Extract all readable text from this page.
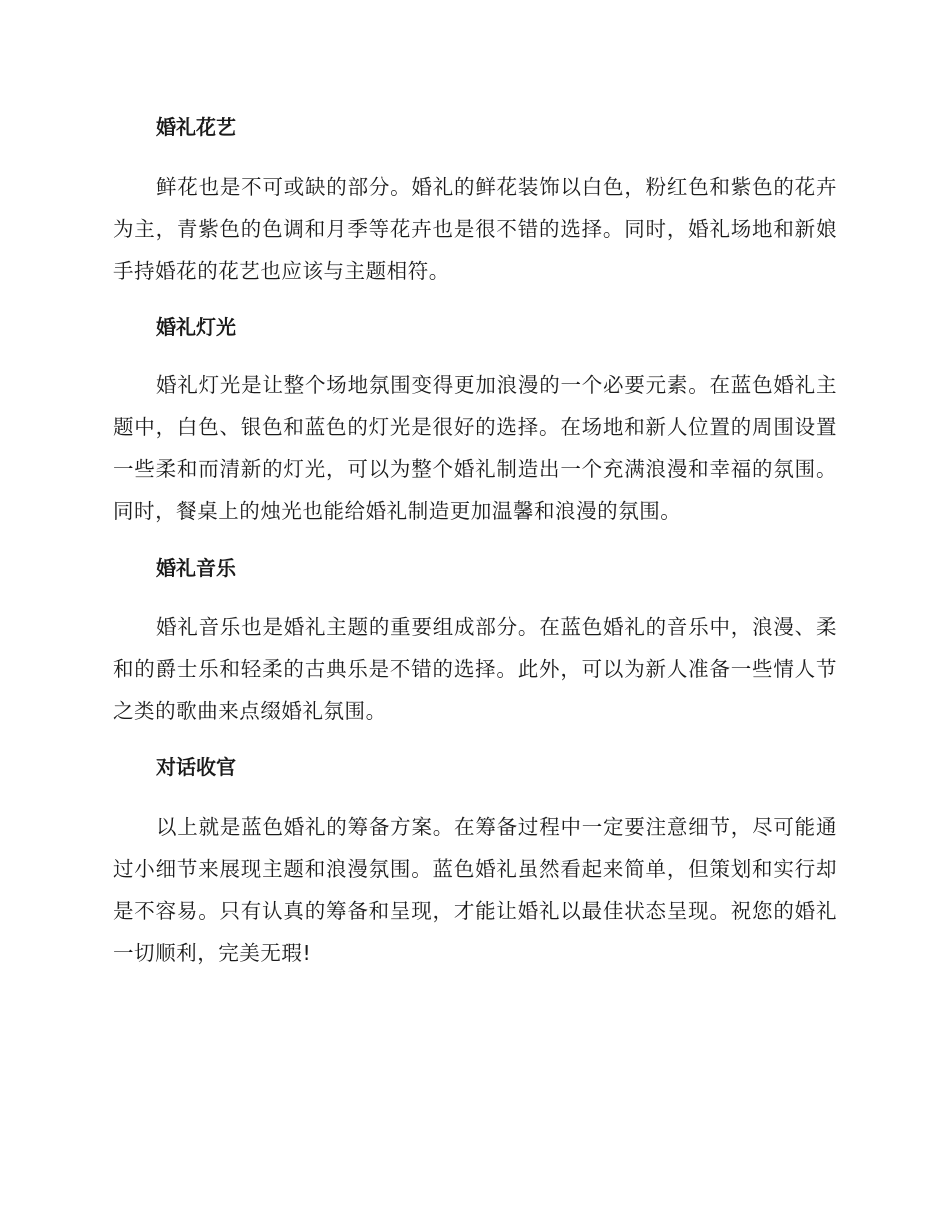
婚礼花艺

鲜花也是不可或缺的部分。婚礼的鲜花装饰以白色，粉红色和紫色的花卉为主，青紫色的色调和月季等花卉也是很不错的选择。同时，婚礼场地和新娘手持婚花的花艺也应该与主题相符。

婚礼灯光

婚礼灯光是让整个场地氛围变得更加浪漫的一个必要元素。在蓝色婚礼主题中，白色、银色和蓝色的灯光是很好的选择。在场地和新人位置的周围设置一些柔和而清新的灯光，可以为整个婚礼制造出一个充满浪漫和幸福的氛围。同时，餐桌上的烛光也能给婚礼制造更加温馨和浪漫的氛围。

婚礼音乐

婚礼音乐也是婚礼主题的重要组成部分。在蓝色婚礼的音乐中，浪漫、柔和的爵士乐和轻柔的古典乐是不错的选择。此外，可以为新人准备一些情人节之类的歌曲来点缀婚礼氛围。

对话收官

以上就是蓝色婚礼的筹备方案。在筹备过程中一定要注意细节，尽可能通过小细节来展现主题和浪漫氛围。蓝色婚礼虽然看起来简单，但策划和实行却是不容易。只有认真的筹备和呈现，才能让婚礼以最佳状态呈现。祝您的婚礼一切顺利，完美无瑕!
